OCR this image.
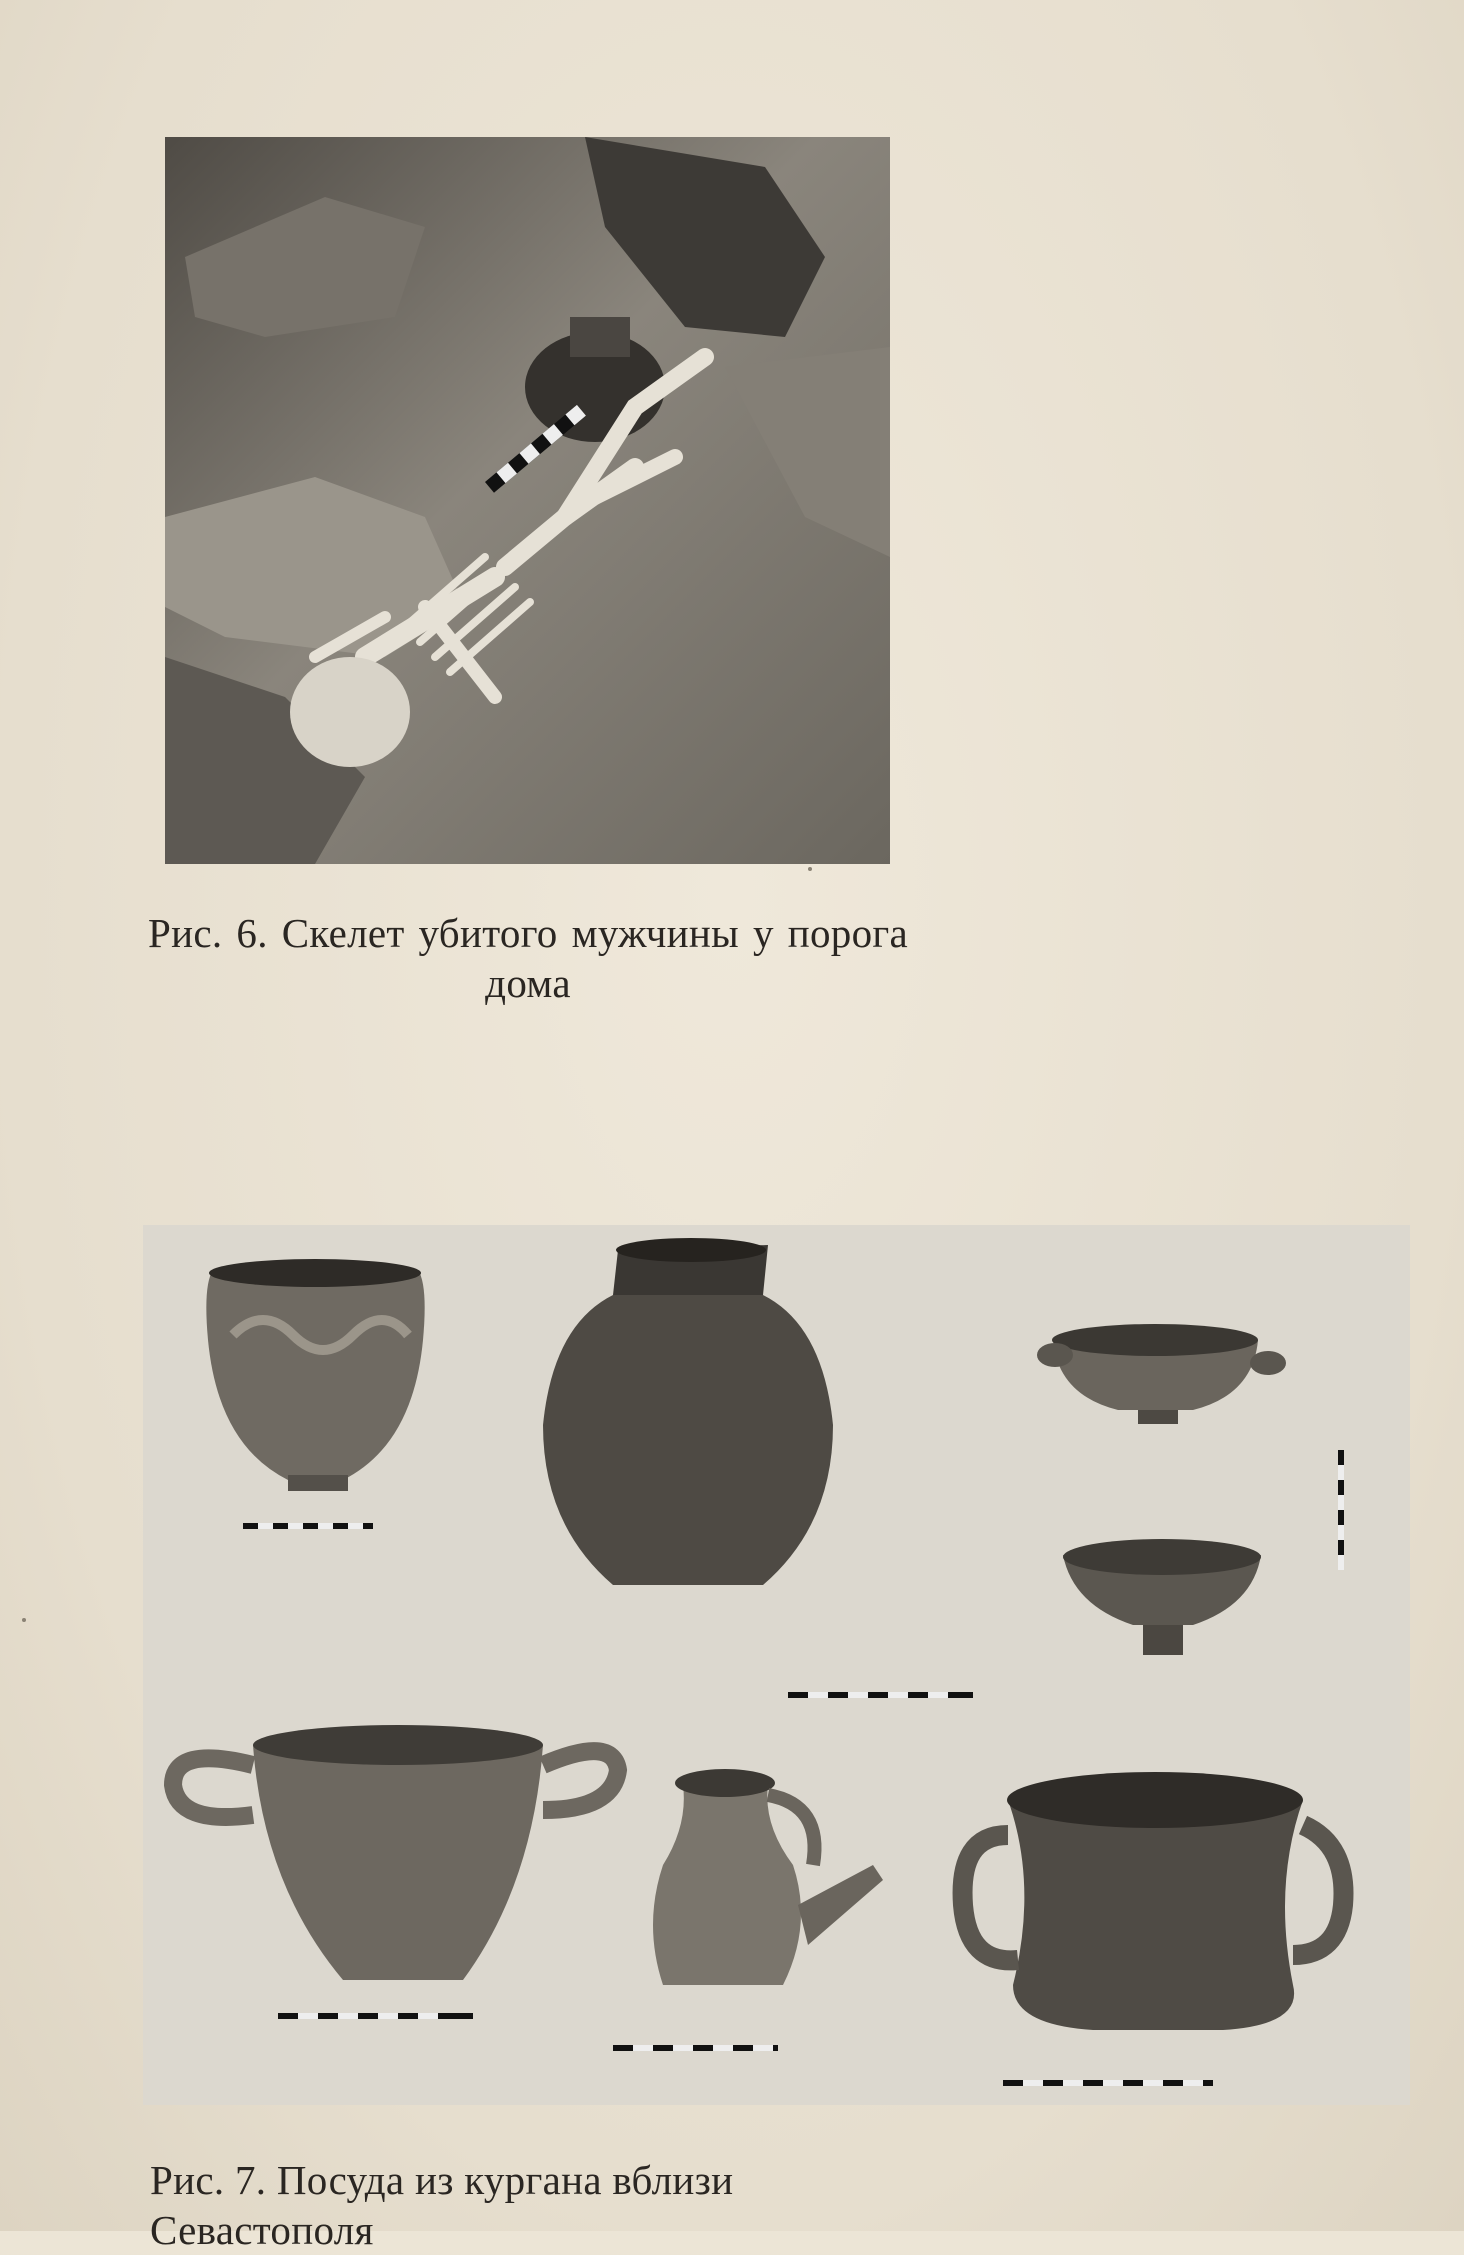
Рис. 6. Скелет убитого мужчины у порога
дома
Рис. 7. Посуда из кургана вблизи Севастополя
